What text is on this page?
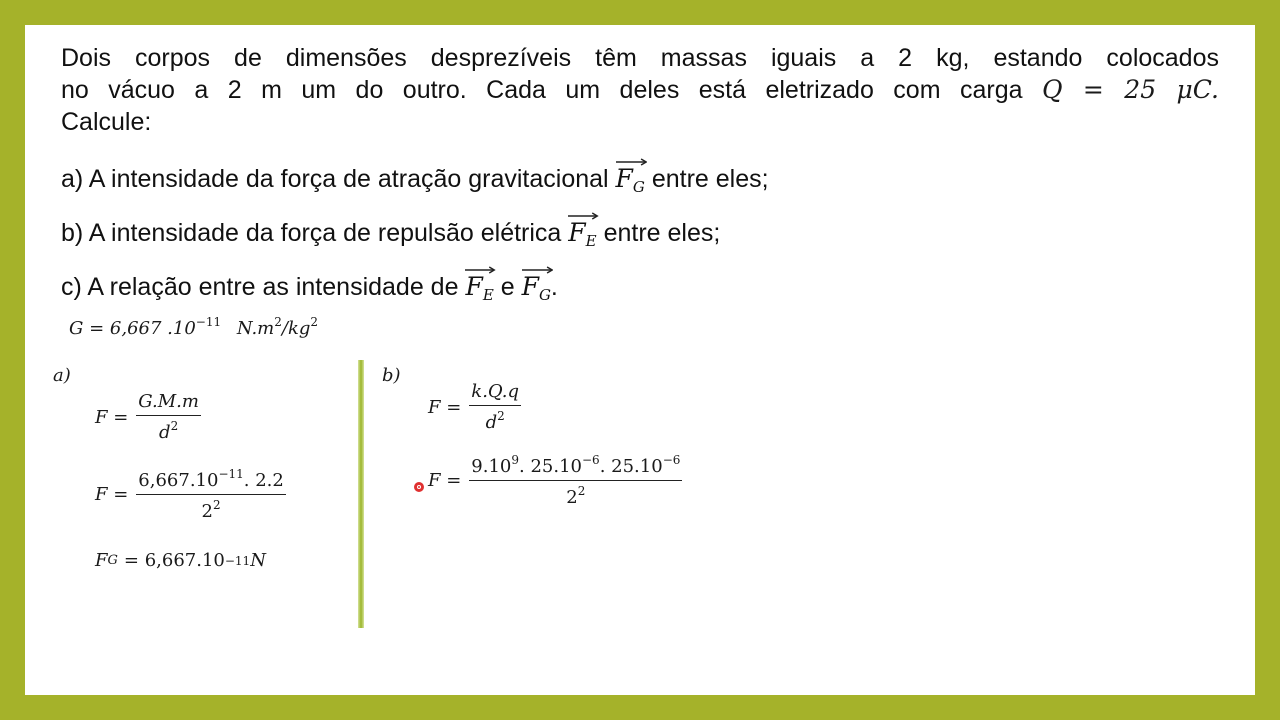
Dois corpos de dimensões desprezíveis têm massas iguais a 2 kg, estando colocados
no vácuo a 2 m um do outro. Cada um deles está eletrizado com carga Q = 25 μC.
Calcule:
a) A intensidade da força de atração gravitacional $F_G$ entre eles;
b) A intensidade da força de repulsão elétrica $F_E$ entre eles;
c) A relação entre as intensidade de $F_E$ e $F_G$.
G = 6,667 $.10^{-11}$ $N.m^2/kg^2$
a)
$F = \frac{G.M.m}{d^2}$
$F = \frac{6,667.10^{-11}. 2.2}{2^2}$
F G = 6,667.10 −11 N
b)
$F = \frac{k.Q.q}{d^2}$
$F = \frac{9.10^9. 25.10^{-6}. 25.10^{-6}}{2^2}$
